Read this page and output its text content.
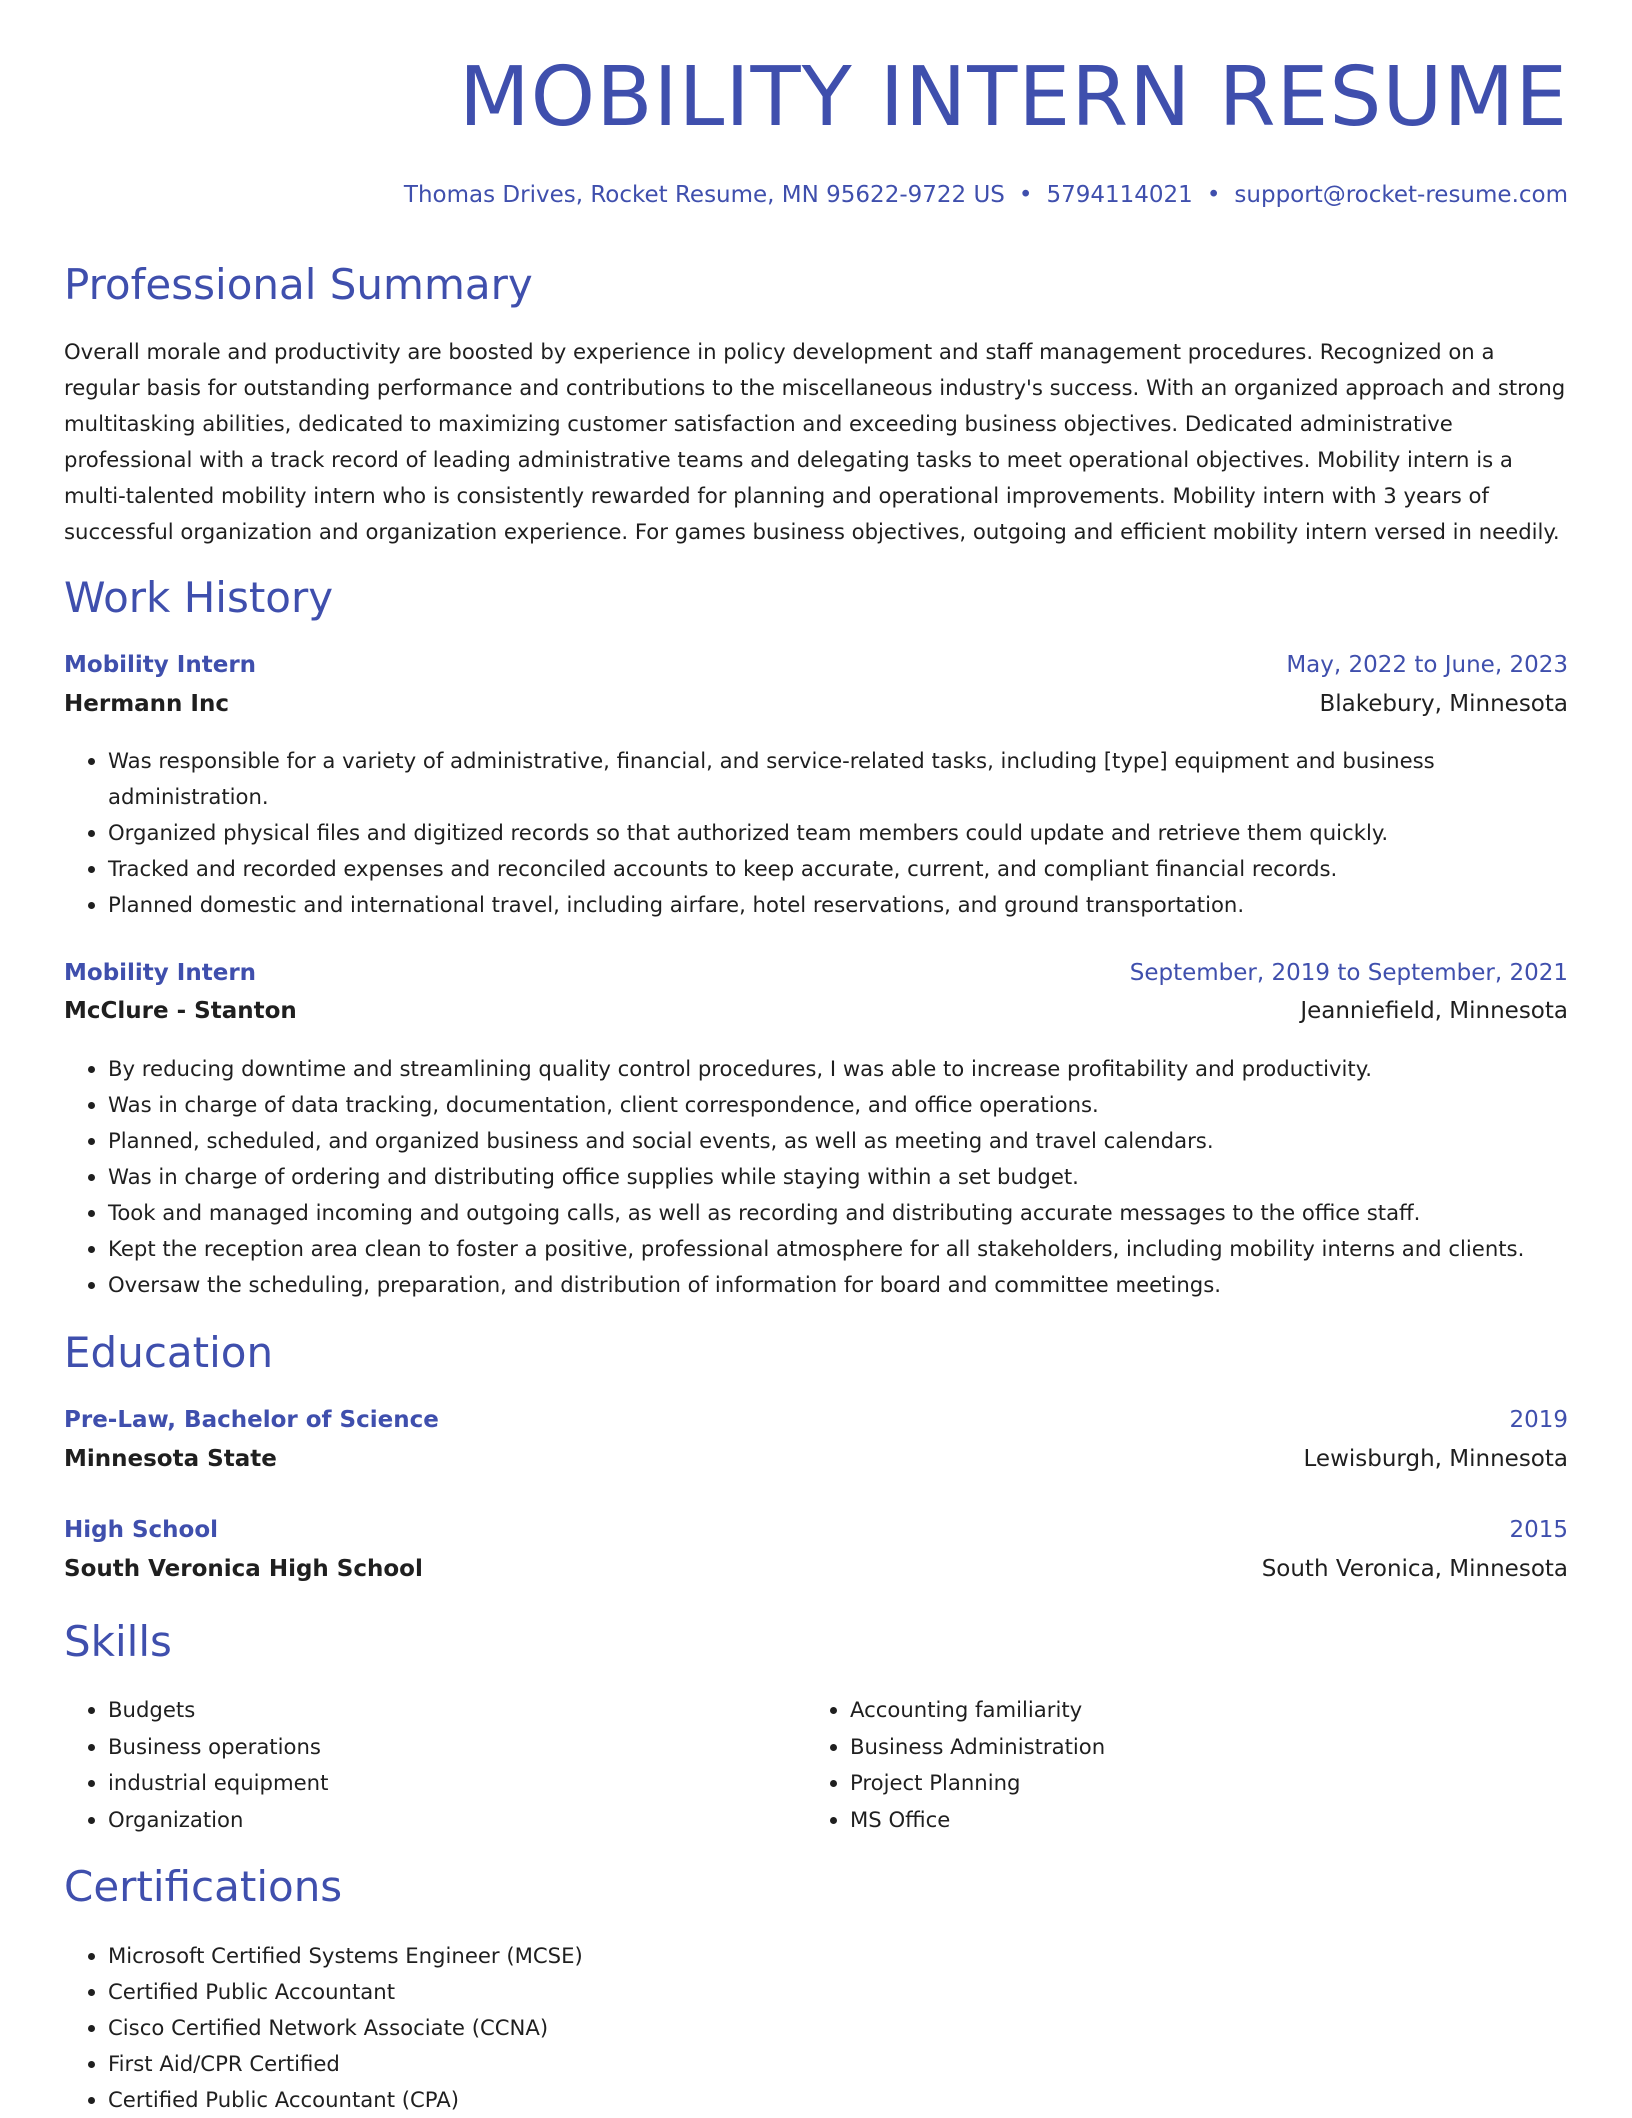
MOBILITY INTERN RESUME
Thomas Drives, Rocket Resume, MN 95622-9722 US • 5794114021 • support@rocket-resume.com
Professional Summary

Overall morale and productivity are boosted by experience in policy development and staff management procedures. Recognized on a regular basis for outstanding performance and contributions to the miscellaneous industry's success. With an organized approach and strong multitasking abilities, dedicated to maximizing customer satisfaction and exceeding business objectives. Dedicated administrative professional with a track record of leading administrative teams and delegating tasks to meet operational objectives. Mobility intern is a multi-talented mobility intern who is consistently rewarded for planning and operational improvements. Mobility intern with 3 years of successful organization and organization experience. For games business objectives, outgoing and efficient mobility intern versed in needily.

Work History
Mobility Intern	May, 2022 to June, 2023
Hermann Inc	Blakebury, Minnesota
• Was responsible for a variety of administrative, financial, and service-related tasks, including [type] equipment and business administration.
• Organized physical files and digitized records so that authorized team members could update and retrieve them quickly.
• Tracked and recorded expenses and reconciled accounts to keep accurate, current, and compliant financial records.
• Planned domestic and international travel, including airfare, hotel reservations, and ground transportation.
Mobility Intern	September, 2019 to September, 2021
McClure - Stanton	Jeanniefield, Minnesota
• By reducing downtime and streamlining quality control procedures, I was able to increase profitability and productivity.
• Was in charge of data tracking, documentation, client correspondence, and office operations.
• Planned, scheduled, and organized business and social events, as well as meeting and travel calendars.
• Was in charge of ordering and distributing office supplies while staying within a set budget.
• Took and managed incoming and outgoing calls, as well as recording and distributing accurate messages to the office staff.
• Kept the reception area clean to foster a positive, professional atmosphere for all stakeholders, including mobility interns and clients.
• Oversaw the scheduling, preparation, and distribution of information for board and committee meetings.
Education
Pre-Law, Bachelor of Science	2019
Minnesota State	Lewisburgh, Minnesota
High School	2015
South Veronica High School	South Veronica, Minnesota
Skills
• Budgets
• Business operations
• industrial equipment
• Organization
• Accounting familiarity
• Business Administration
• Project Planning
• MS Office
Certifications
• Microsoft Certified Systems Engineer (MCSE)
• Certified Public Accountant
• Cisco Certified Network Associate (CCNA)
• First Aid/CPR Certified
• Certified Public Accountant (CPA)
